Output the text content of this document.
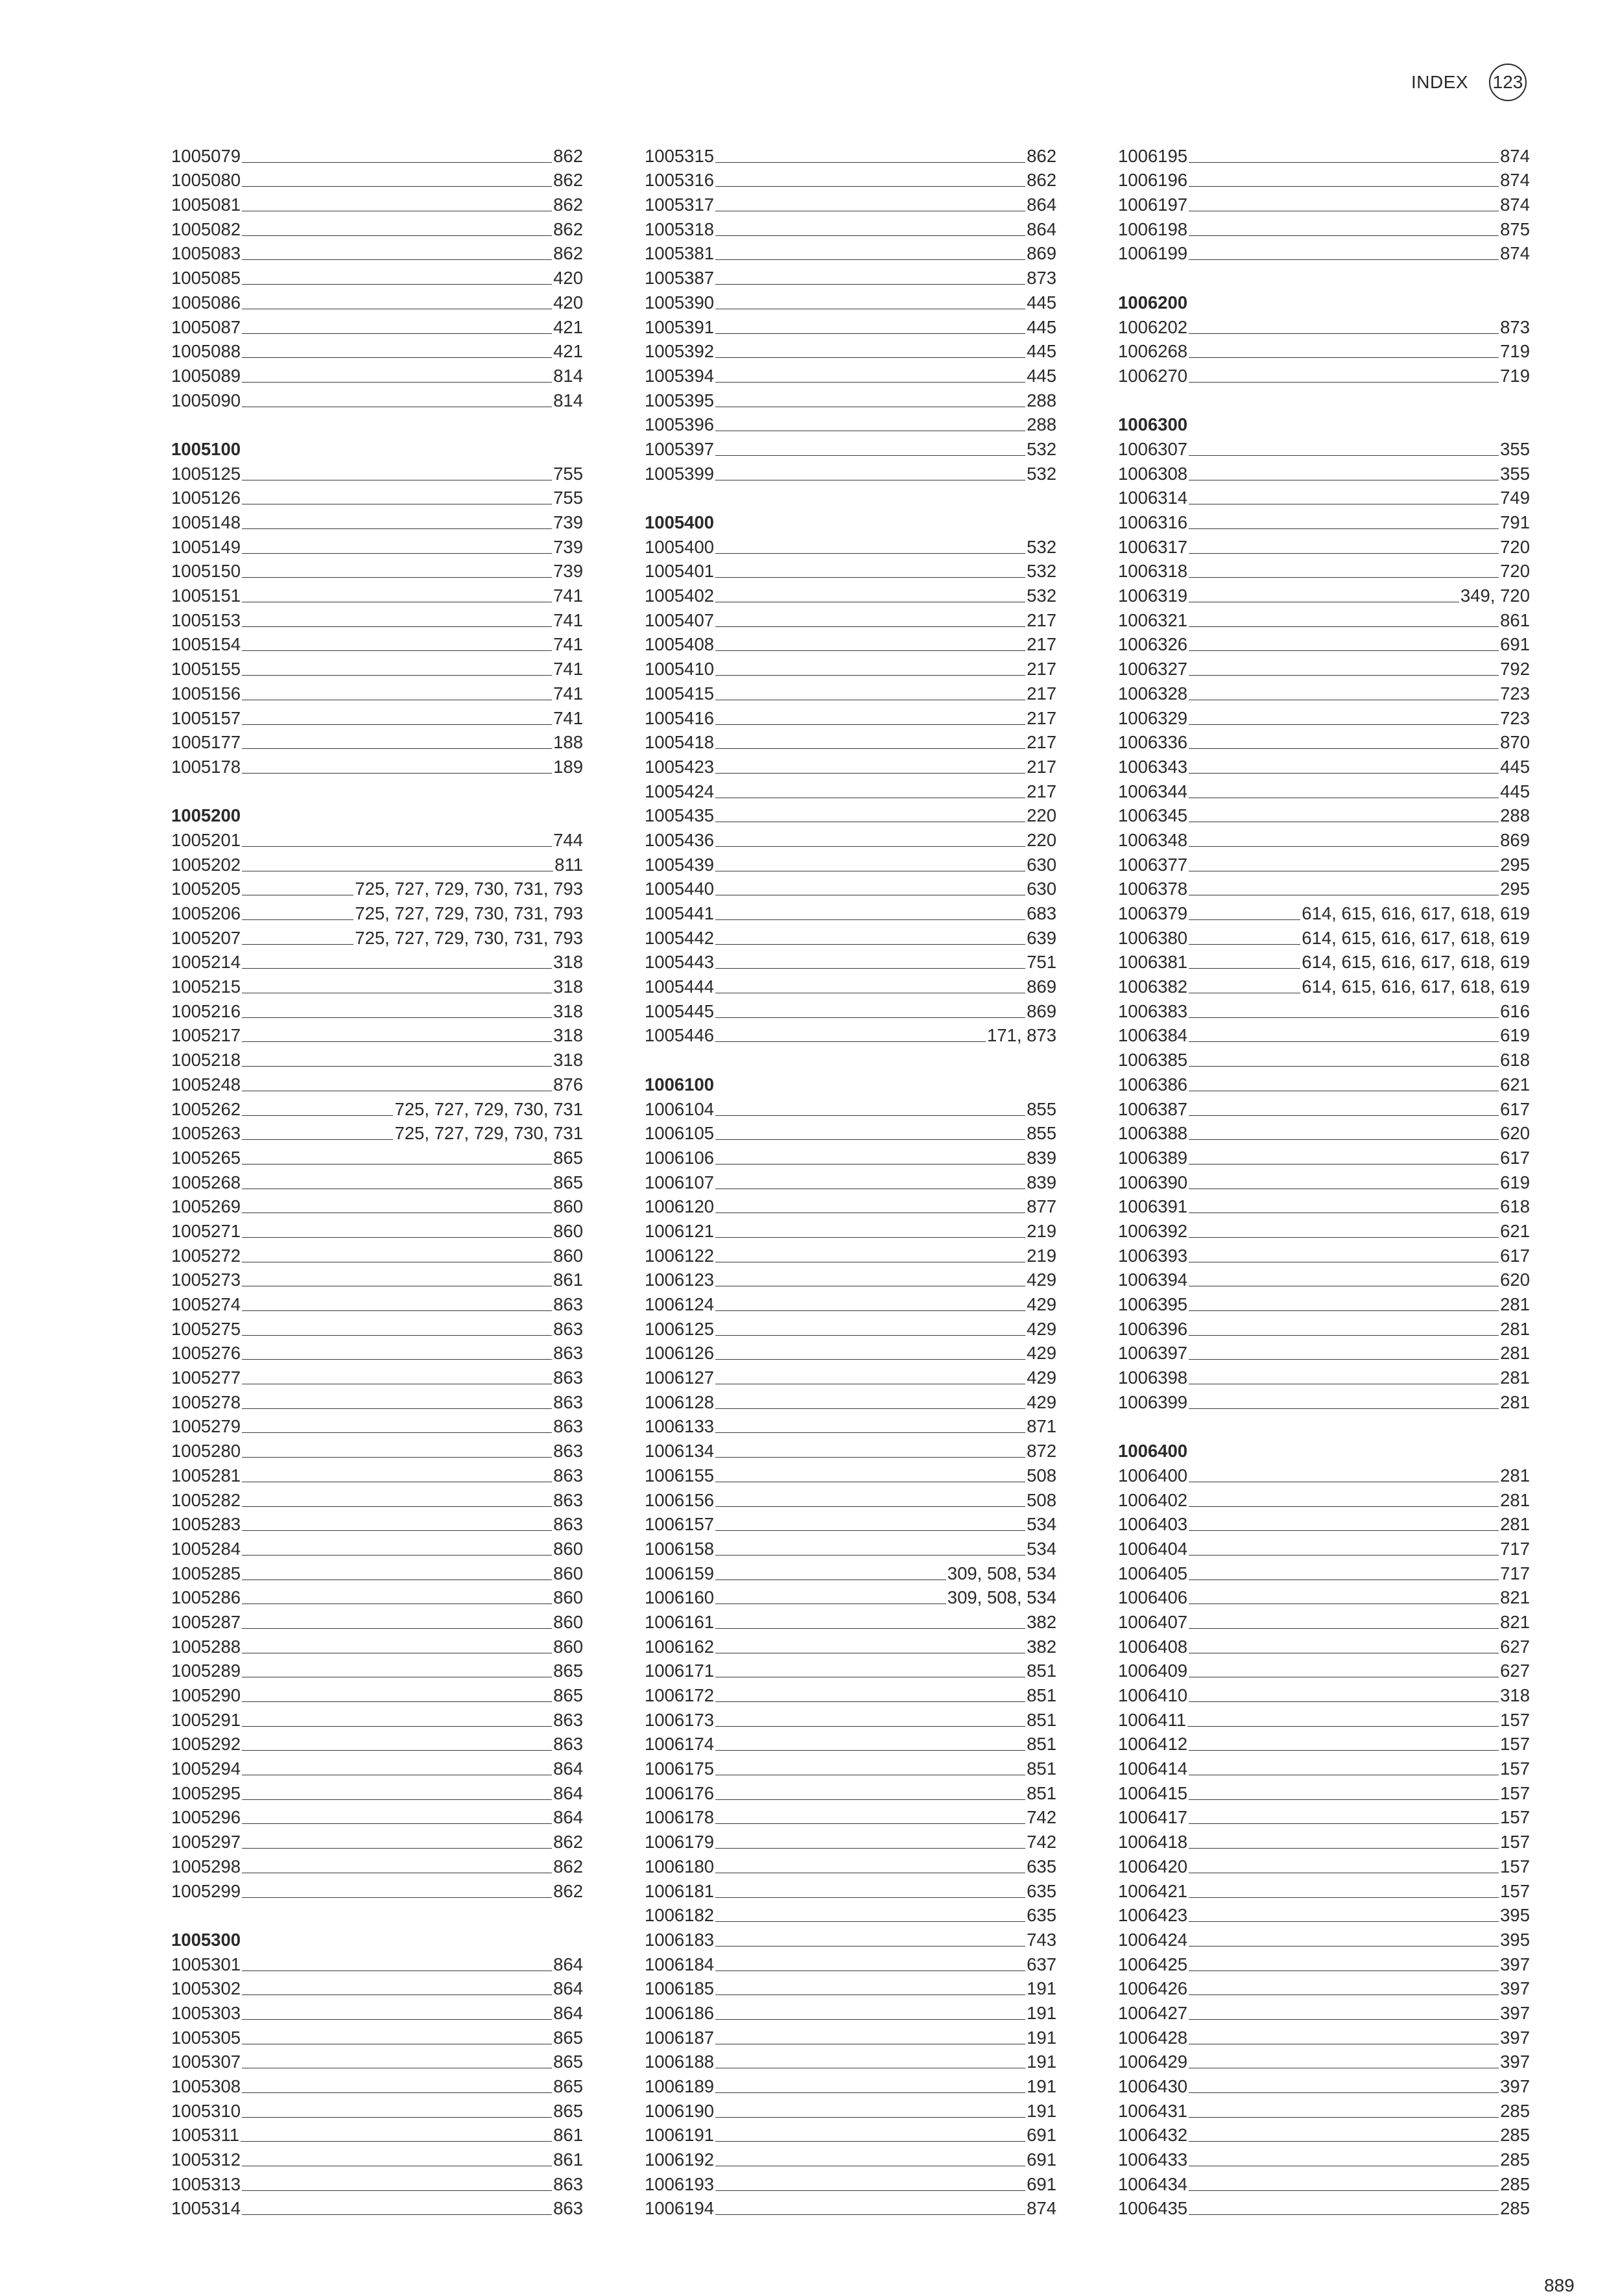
INDEX 123
1005079	862
1005080	862
1005081	862
1005082	862
1005083	862
1005085	420
1005086	420
1005087	421
1005088	421
1005089	814
1005090	814
1005100
1005125	755
1005126	755
1005148	739
1005149	739
1005150	739
1005151	741
1005153	741
1005154	741
1005155	741
1005156	741
1005157	741
1005177	188
1005178	189
1005200
1005201	744
1005202	811
1005205	725, 727, 729, 730, 731, 793
1005206	725, 727, 729, 730, 731, 793
1005207	725, 727, 729, 730, 731, 793
1005214	318
1005215	318
1005216	318
1005217	318
1005218	318
1005248	876
1005262	725, 727, 729, 730, 731
1005263	725, 727, 729, 730, 731
1005265	865
1005268	865
1005269	860
1005271	860
1005272	860
1005273	861
1005274	863
1005275	863
1005276	863
1005277	863
1005278	863
1005279	863
1005280	863
1005281	863
1005282	863
1005283	863
1005284	860
1005285	860
1005286	860
1005287	860
1005288	860
1005289	865
1005290	865
1005291	863
1005292	863
1005294	864
1005295	864
1005296	864
1005297	862
1005298	862
1005299	862
1005300
1005301	864
1005302	864
1005303	864
1005305	865
1005307	865
1005308	865
1005310	865
1005311	861
1005312	861
1005313	863
1005314	863
1005315	862
1005316	862
1005317	864
1005318	864
1005381	869
1005387	873
1005390	445
1005391	445
1005392	445
1005394	445
1005395	288
1005396	288
1005397	532
1005399	532
1005400
1005400	532
1005401	532
1005402	532
1005407	217
1005408	217
1005410	217
1005415	217
1005416	217
1005418	217
1005423	217
1005424	217
1005435	220
1005436	220
1005439	630
1005440	630
1005441	683
1005442	639
1005443	751
1005444	869
1005445	869
1005446	171, 873
1006100
1006104	855
1006105	855
1006106	839
1006107	839
1006120	877
1006121	219
1006122	219
1006123	429
1006124	429
1006125	429
1006126	429
1006127	429
1006128	429
1006133	871
1006134	872
1006155	508
1006156	508
1006157	534
1006158	534
1006159	309, 508, 534
1006160	309, 508, 534
1006161	382
1006162	382
1006171	851
1006172	851
1006173	851
1006174	851
1006175	851
1006176	851
1006178	742
1006179	742
1006180	635
1006181	635
1006182	635
1006183	743
1006184	637
1006185	191
1006186	191
1006187	191
1006188	191
1006189	191
1006190	191
1006191	691
1006192	691
1006193	691
1006194	874
1006195	874
1006196	874
1006197	874
1006198	875
1006199	874
1006200
1006202	873
1006268	719
1006270	719
1006300
1006307	355
1006308	355
1006314	749
1006316	791
1006317	720
1006318	720
1006319	349, 720
1006321	861
1006326	691
1006327	792
1006328	723
1006329	723
1006336	870
1006343	445
1006344	445
1006345	288
1006348	869
1006377	295
1006378	295
1006379	614, 615, 616, 617, 618, 619
1006380	614, 615, 616, 617, 618, 619
1006381	614, 615, 616, 617, 618, 619
1006382	614, 615, 616, 617, 618, 619
1006383	616
1006384	619
1006385	618
1006386	621
1006387	617
1006388	620
1006389	617
1006390	619
1006391	618
1006392	621
1006393	617
1006394	620
1006395	281
1006396	281
1006397	281
1006398	281
1006399	281
1006400
1006400	281
1006402	281
1006403	281
1006404	717
1006405	717
1006406	821
1006407	821
1006408	627
1006409	627
1006410	318
1006411	157
1006412	157
1006414	157
1006415	157
1006417	157
1006418	157
1006420	157
1006421	157
1006423	395
1006424	395
1006425	397
1006426	397
1006427	397
1006428	397
1006429	397
1006430	397
1006431	285
1006432	285
1006433	285
1006434	285
1006435	285
889
